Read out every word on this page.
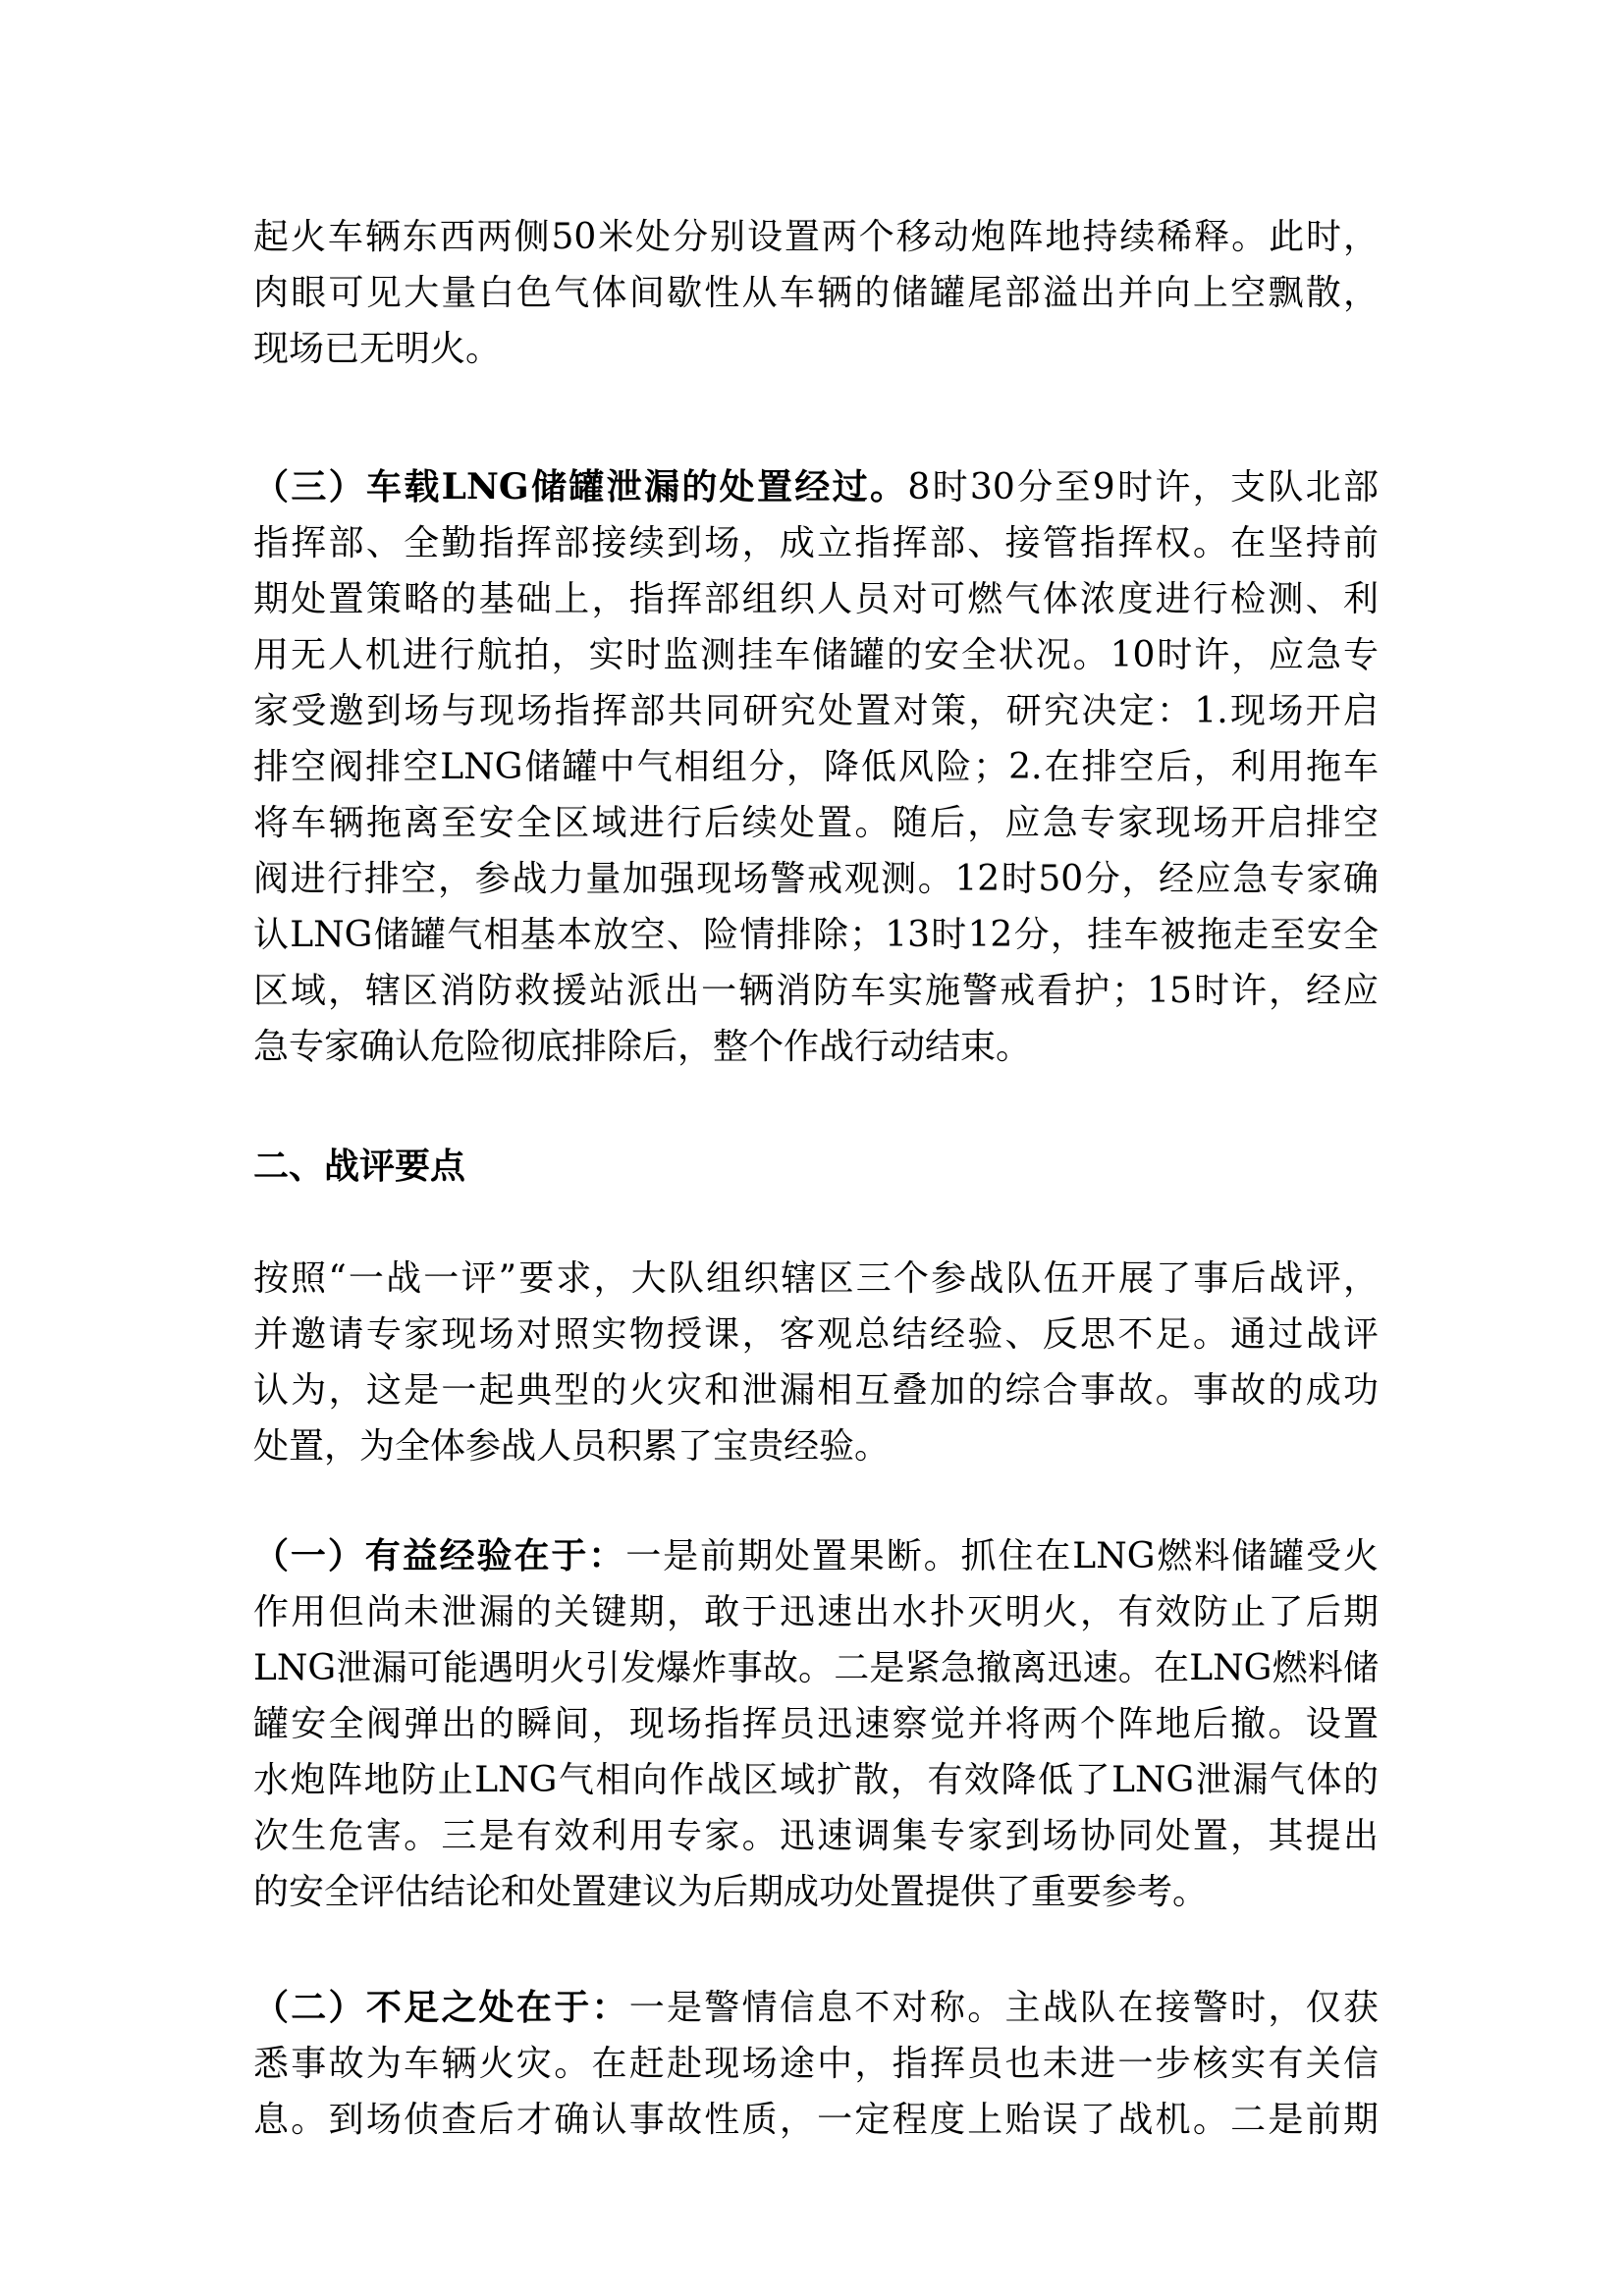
起火车辆东西两侧50米处分别设置两个移动炮阵地持续稀释。此时，
肉眼可见大量白色气体间歇性从车辆的储罐尾部溢出并向上空飘散，
现场已无明火。
（三）车载LNG储罐泄漏的处置经过。8时30分至9时许，支队北部
指挥部、全勤指挥部接续到场，成立指挥部、接管指挥权。在坚持前
期处置策略的基础上，指挥部组织人员对可燃气体浓度进行检测、利
用无人机进行航拍，实时监测挂车储罐的安全状况。10时许，应急专
家受邀到场与现场指挥部共同研究处置对策，研究决定：1.现场开启
排空阀排空LNG储罐中气相组分，降低风险；2.在排空后，利用拖车
将车辆拖离至安全区域进行后续处置。随后，应急专家现场开启排空
阀进行排空，参战力量加强现场警戒观测。12时50分，经应急专家确
认LNG储罐气相基本放空、险情排除；13时12分，挂车被拖走至安全
区域，辖区消防救援站派出一辆消防车实施警戒看护；15时许，经应
急专家确认危险彻底排除后，整个作战行动结束。
二、战评要点
按照“一战一评”要求，大队组织辖区三个参战队伍开展了事后战评，
并邀请专家现场对照实物授课，客观总结经验、反思不足。通过战评
认为，这是一起典型的火灾和泄漏相互叠加的综合事故。事故的成功
处置，为全体参战人员积累了宝贵经验。
（一）有益经验在于：一是前期处置果断。抓住在LNG燃料储罐受火
作用但尚未泄漏的关键期，敢于迅速出水扑灭明火，有效防止了后期
LNG泄漏可能遇明火引发爆炸事故。二是紧急撤离迅速。在LNG燃料储
罐安全阀弹出的瞬间，现场指挥员迅速察觉并将两个阵地后撤。设置
水炮阵地防止LNG气相向作战区域扩散，有效降低了LNG泄漏气体的
次生危害。三是有效利用专家。迅速调集专家到场协同处置，其提出
的安全评估结论和处置建议为后期成功处置提供了重要参考。
（二）不足之处在于：一是警情信息不对称。主战队在接警时，仅获
悉事故为车辆火灾。在赶赴现场途中，指挥员也未进一步核实有关信
息。到场侦查后才确认事故性质，一定程度上贻误了战机。二是前期
